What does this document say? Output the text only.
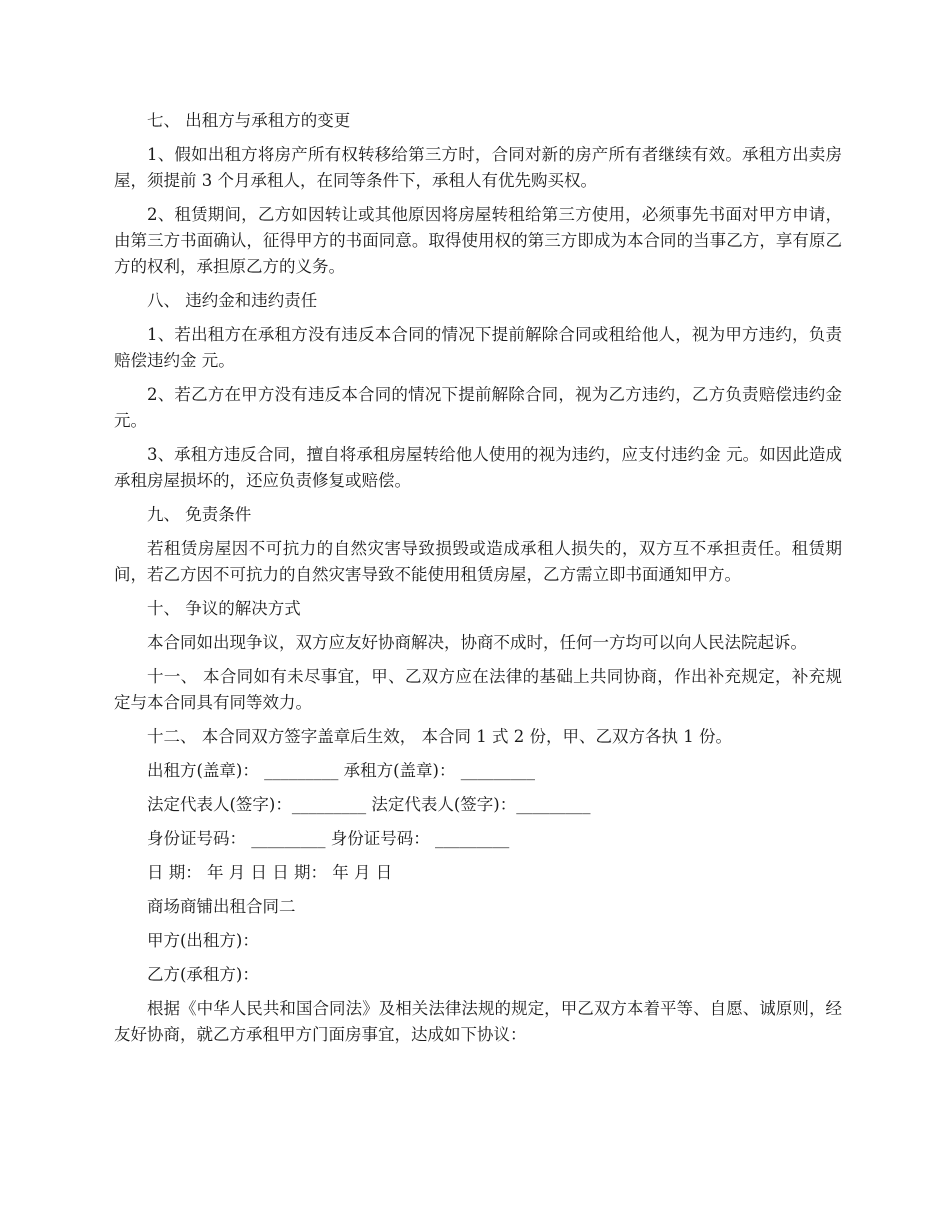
七、 出租方与承租方的变更

1、假如出租方将房产所有权转移给第三方时，合同对新的房产所有者继续有效。承租方出卖房屋，须提前 3 个月承租人，在同等条件下，承租人有优先购买权。

2、租赁期间，乙方如因转让或其他原因将房屋转租给第三方使用，必须事先书面对甲方申请，由第三方书面确认，征得甲方的书面同意。取得使用权的第三方即成为本合同的当事乙方，享有原乙方的权利，承担原乙方的义务。

八、 违约金和违约责任

1、若出租方在承租方没有违反本合同的情况下提前解除合同或租给他人，视为甲方违约，负责赔偿违约金 元。

2、若乙方在甲方没有违反本合同的情况下提前解除合同，视为乙方违约，乙方负责赔偿违约金 元。

3、承租方违反合同，擅自将承租房屋转给他人使用的视为违约，应支付违约金 元。如因此造成承租房屋损坏的，还应负责修复或赔偿。

九、 免责条件

若租赁房屋因不可抗力的自然灾害导致损毁或造成承租人损失的，双方互不承担责任。租赁期间，若乙方因不可抗力的自然灾害导致不能使用租赁房屋，乙方需立即书面通知甲方。

十、 争议的解决方式

本合同如出现争议，双方应友好协商解决，协商不成时，任何一方均可以向人民法院起诉。

十一、 本合同如有未尽事宜，甲、乙双方应在法律的基础上共同协商，作出补充规定，补充规定与本合同具有同等效力。

十二、 本合同双方签字盖章后生效， 本合同 1 式 2 份，甲、乙双方各执 1 份。

出租方(盖章)： _________ 承租方(盖章)： _________

法定代表人(签字)：_________ 法定代表人(签字)：_________

身份证号码： _________ 身份证号码： _________

日 期： 年 月 日 日 期： 年 月 日

商场商铺出租合同二

甲方(出租方)：

乙方(承租方)：

根据《中华人民共和国合同法》及相关法律法规的规定，甲乙双方本着平等、自愿、诚原则，经友好协商，就乙方承租甲方门面房事宜，达成如下协议：
